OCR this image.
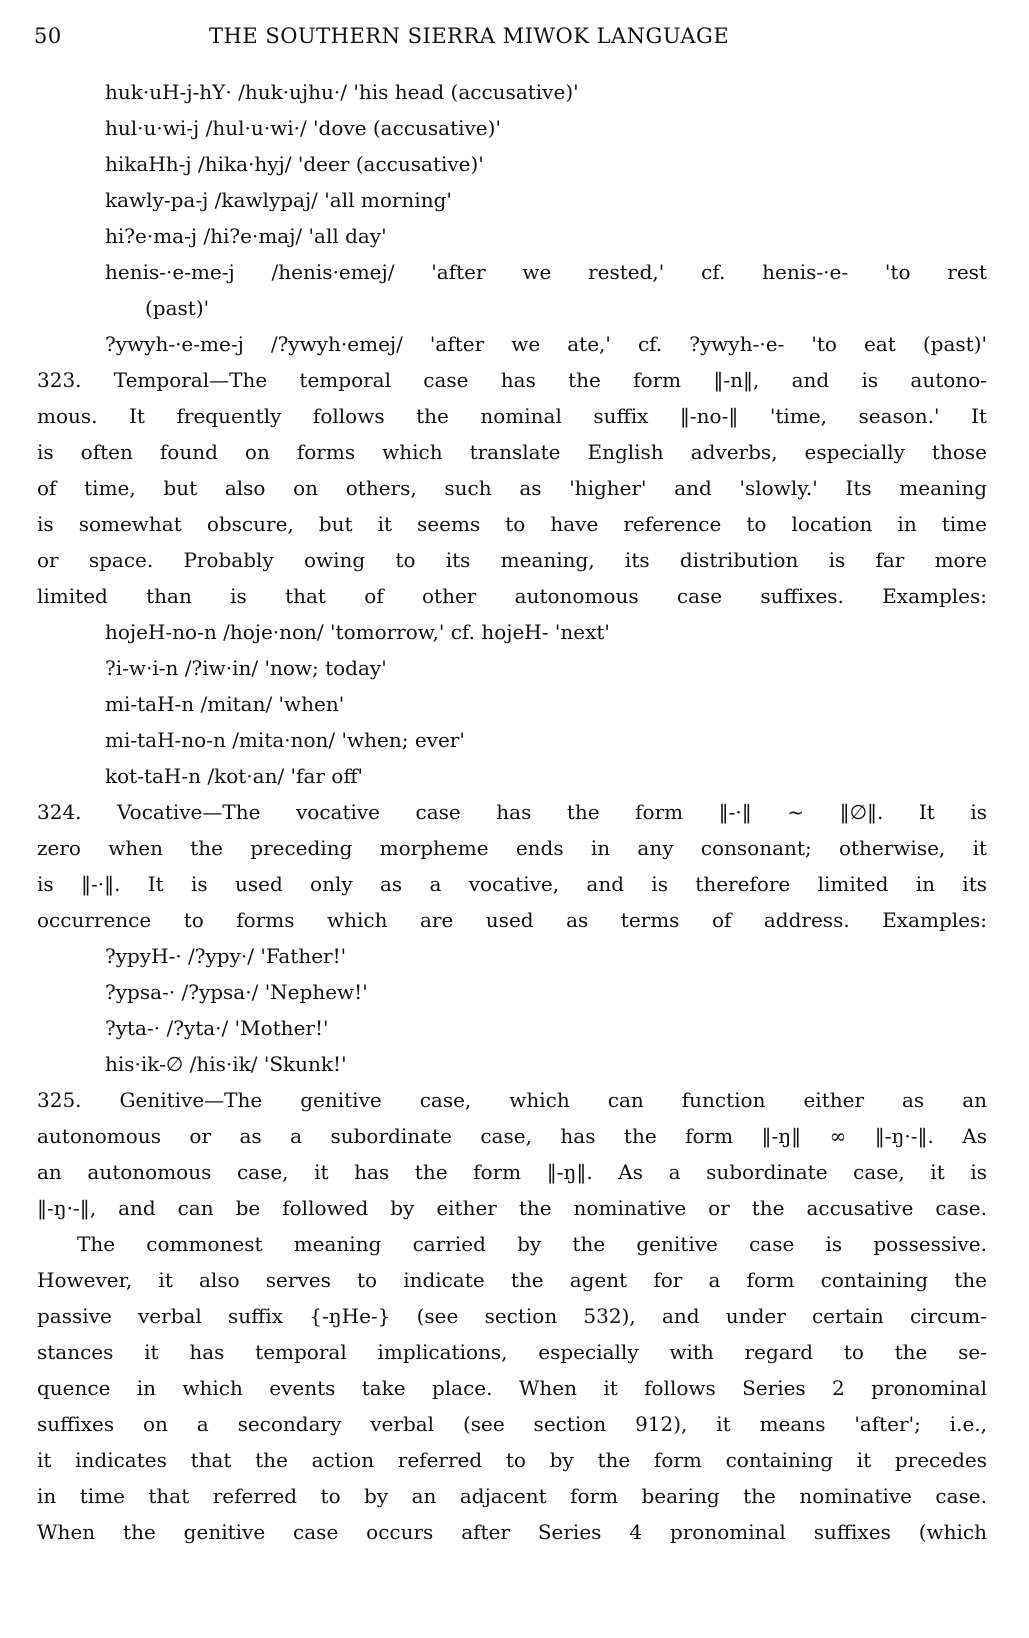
50	THE SOUTHERN SIERRA MIWOK LANGUAGE
huk·uH-j-hY· /huk·ujhu·/ 'his head (accusative)'
hul·u·wi-j /hul·u·wi·/ 'dove (accusative)'
hikaHh-j /hika·hyj/ 'deer (accusative)'
kawly-pa-j /kawlypaj/ 'all morning'
hi?e·ma-j /hi?e·maj/ 'all day'
henis-·e-me-j /henis·emej/ 'after we rested,' cf. henis-·e- 'to rest
(past)'
?ywyh-·e-me-j /?ywyh·emej/ 'after we ate,' cf. ?ywyh-·e- 'to eat (past)'
323. Temporal—The temporal case has the form ‖-n‖, and is autono-
mous. It frequently follows the nominal suffix ‖-no-‖ 'time, season.' It
is often found on forms which translate English adverbs, especially those
of time, but also on others, such as 'higher' and 'slowly.' Its meaning
is somewhat obscure, but it seems to have reference to location in time
or space. Probably owing to its meaning, its distribution is far more
limited than is that of other autonomous case suffixes. Examples:
hojeH-no-n /hoje·non/ 'tomorrow,' cf. hojeH- 'next'
?i-w·i-n /?iw·in/ 'now; today'
mi-taH-n /mitan/ 'when'
mi-taH-no-n /mita·non/ 'when; ever'
kot-taH-n /kot·an/ 'far off'
324. Vocative—The vocative case has the form ‖-·‖ ~ ‖∅‖. It is
zero when the preceding morpheme ends in any consonant; otherwise, it
is ‖-·‖. It is used only as a vocative, and is therefore limited in its
occurrence to forms which are used as terms of address. Examples:
?ypyH-· /?ypy·/ 'Father!'
?ypsa-· /?ypsa·/ 'Nephew!'
?yta-· /?yta·/ 'Mother!'
his·ik-∅ /his·ik/ 'Skunk!'
325. Genitive—The genitive case, which can function either as an
autonomous or as a subordinate case, has the form ‖-ŋ‖ ∞ ‖-ŋ·-‖. As
an autonomous case, it has the form ‖-ŋ‖. As a subordinate case, it is
‖-ŋ·-‖, and can be followed by either the nominative or the accusative case.
The commonest meaning carried by the genitive case is possessive.
However, it also serves to indicate the agent for a form containing the
passive verbal suffix {-ŋHe-} (see section 532), and under certain circum-
stances it has temporal implications, especially with regard to the se-
quence in which events take place. When it follows Series 2 pronominal
suffixes on a secondary verbal (see section 912), it means 'after'; i.e.,
it indicates that the action referred to by the form containing it precedes
in time that referred to by an adjacent form bearing the nominative case.
When the genitive case occurs after Series 4 pronominal suffixes (which
